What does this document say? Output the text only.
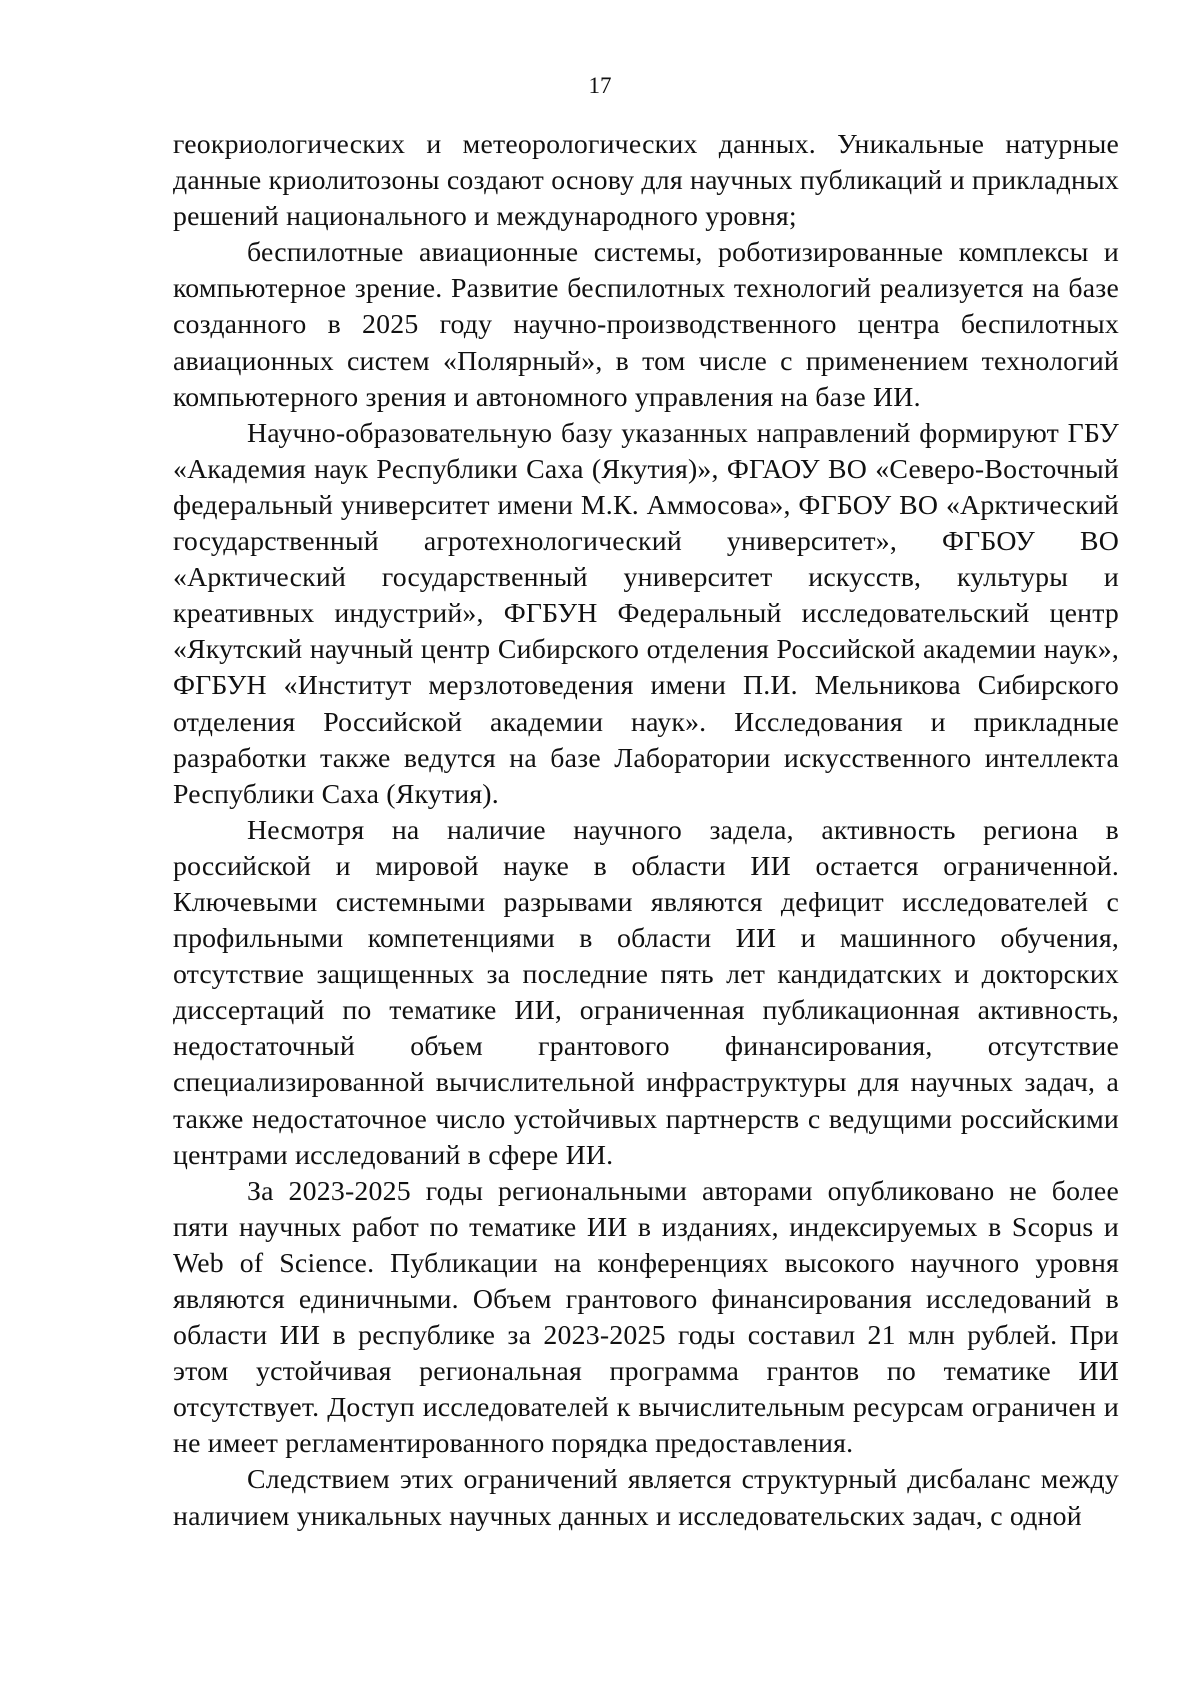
17

геокриологических и метеорологических данных. Уникальные натурные данные криолитозоны создают основу для научных публикаций и прикладных решений национального и международного уровня;

беспилотные авиационные системы, роботизированные комплексы и компьютерное зрение. Развитие беспилотных технологий реализуется на базе созданного в 2025 году научно-производственного центра беспилотных авиационных систем «Полярный», в том числе с применением технологий компьютерного зрения и автономного управления на базе ИИ.

Научно-образовательную базу указанных направлений формируют ГБУ «Академия наук Республики Саха (Якутия)», ФГАОУ ВО «Северо-Восточный федеральный университет имени М.К. Аммосова», ФГБОУ ВО «Арктический государственный агротехнологический университет», ФГБОУ ВО «Арктический государственный университет искусств, культуры и креативных индустрий», ФГБУН Федеральный исследовательский центр «Якутский научный центр Сибирского отделения Российской академии наук», ФГБУН «Институт мерзлотоведения имени П.И. Мельникова Сибирского отделения Российской академии наук». Исследования и прикладные разработки также ведутся на базе Лаборатории искусственного интеллекта Республики Саха (Якутия).

Несмотря на наличие научного задела, активность региона в российской и мировой науке в области ИИ остается ограниченной. Ключевыми системными разрывами являются дефицит исследователей с профильными компетенциями в области ИИ и машинного обучения, отсутствие защищенных за последние пять лет кандидатских и докторских диссертаций по тематике ИИ, ограниченная публикационная активность, недостаточный объем грантового финансирования, отсутствие специализированной вычислительной инфраструктуры для научных задач, а также недостаточное число устойчивых партнерств с ведущими российскими центрами исследований в сфере ИИ.

За 2023-2025 годы региональными авторами опубликовано не более пяти научных работ по тематике ИИ в изданиях, индексируемых в Scopus и Web of Science. Публикации на конференциях высокого научного уровня являются единичными. Объем грантового финансирования исследований в области ИИ в республике за 2023-2025 годы составил 21 млн рублей. При этом устойчивая региональная программа грантов по тематике ИИ отсутствует. Доступ исследователей к вычислительным ресурсам ограничен и не имеет регламентированного порядка предоставления.

Следствием этих ограничений является структурный дисбаланс между наличием уникальных научных данных и исследовательских задач, с одной
